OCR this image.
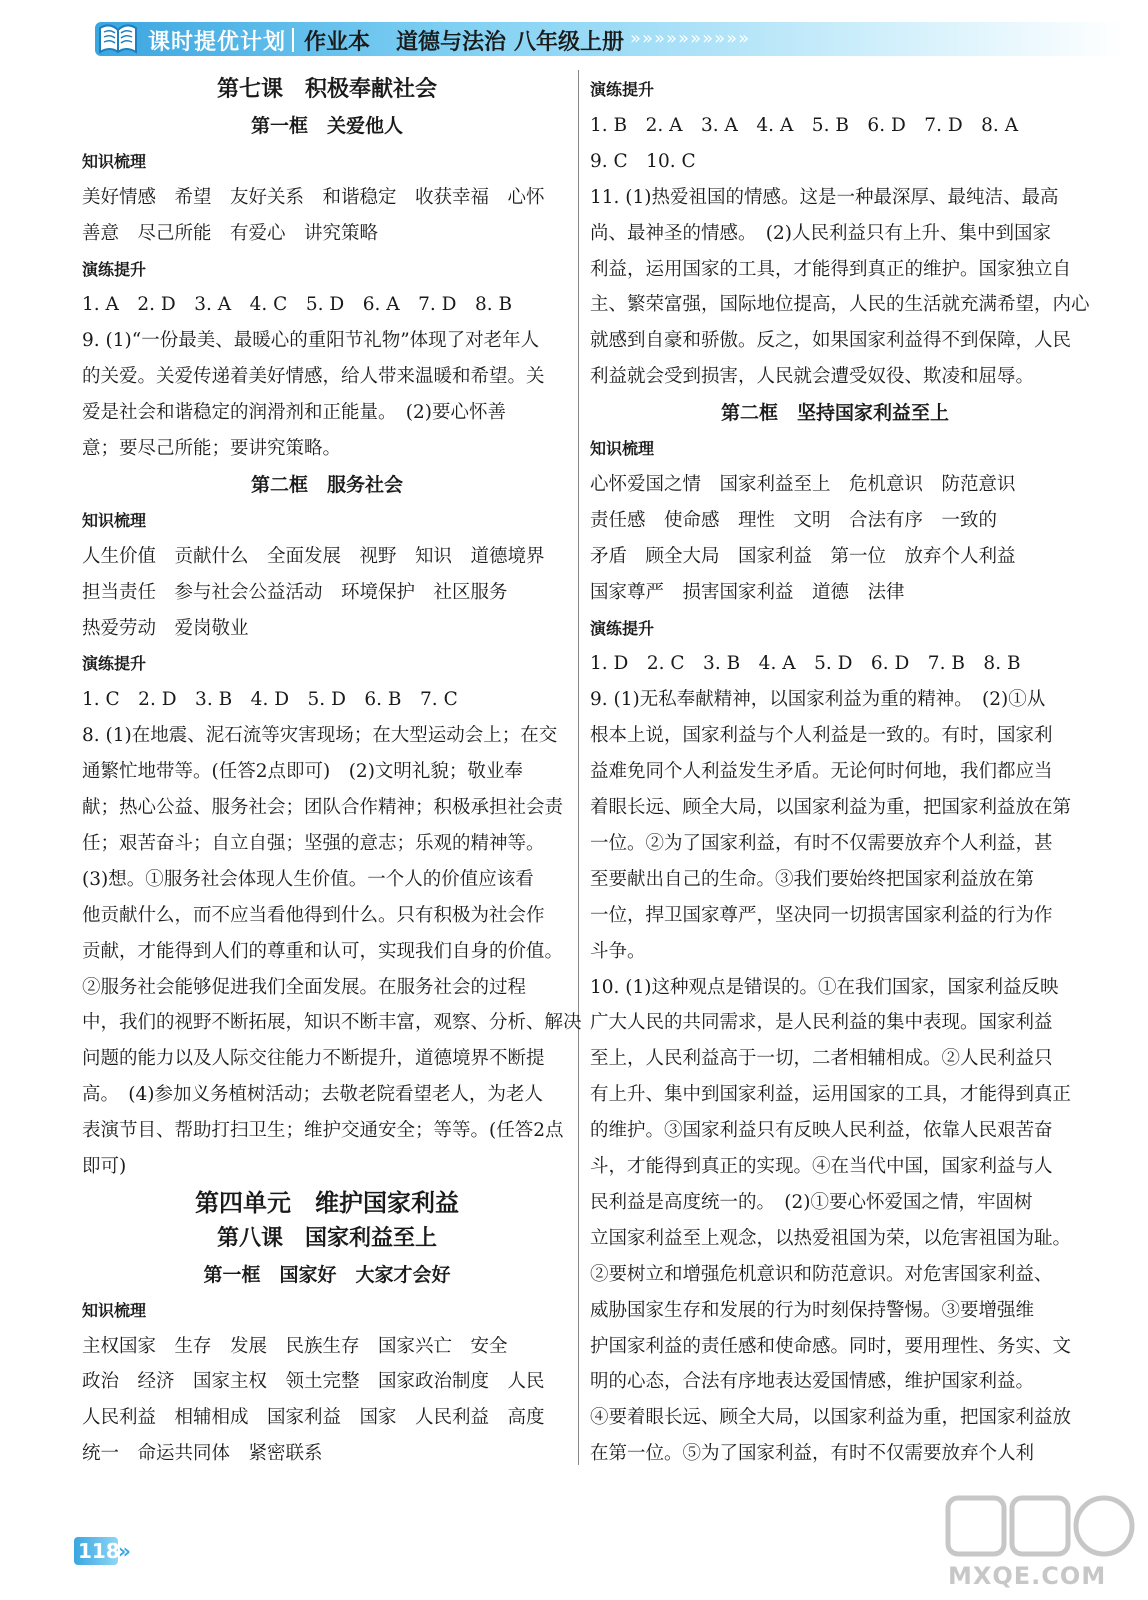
课时提优计划 作业本 道德与法治 八年级上册 »»»»»»»»»»
第七课　积极奉献社会
第一框　关爱他人
知识梳理
美好情感　希望　友好关系　和谐稳定　收获幸福　心怀
善意　尽己所能　有爱心　讲究策略
演练提升
1. A　2. D　3. A　4. C　5. D　6. A　7. D　8. B
9. (1)“一份最美、最暖心的重阳节礼物”体现了对老年人
的关爱。关爱传递着美好情感，给人带来温暖和希望。关
爱是社会和谐稳定的润滑剂和正能量。　(2)要心怀善
意；要尽己所能；要讲究策略。
第二框　服务社会
知识梳理
人生价值　贡献什么　全面发展　视野　知识　道德境界
担当责任　参与社会公益活动　环境保护　社区服务
热爱劳动　爱岗敬业
演练提升
1. C　2. D　3. B　4. D　5. D　6. B　7. C
8. (1)在地震、泥石流等灾害现场；在大型运动会上；在交
通繁忙地带等。(任答2点即可)　(2)文明礼貌；敬业奉
献；热心公益、服务社会；团队合作精神；积极承担社会责
任；艰苦奋斗；自立自强；坚强的意志；乐观的精神等。
(3)想。①服务社会体现人生价值。一个人的价值应该看
他贡献什么，而不应当看他得到什么。只有积极为社会作
贡献，才能得到人们的尊重和认可，实现我们自身的价值。
②服务社会能够促进我们全面发展。在服务社会的过程
中，我们的视野不断拓展，知识不断丰富，观察、分析、解决
问题的能力以及人际交往能力不断提升，道德境界不断提
高。　(4)参加义务植树活动；去敬老院看望老人，为老人
表演节目、帮助打扫卫生；维护交通安全；等等。(任答2点
即可)
第四单元　维护国家利益
第八课　国家利益至上
第一框　国家好　大家才会好
知识梳理
主权国家　生存　发展　民族生存　国家兴亡　安全
政治　经济　国家主权　领土完整　国家政治制度　人民
人民利益　相辅相成　国家利益　国家　人民利益　高度
统一　命运共同体　紧密联系
演练提升
1. B　2. A　3. A　4. A　5. B　6. D　7. D　8. A
9. C　10. C
11. (1)热爱祖国的情感。这是一种最深厚、最纯洁、最高
尚、最神圣的情感。　(2)人民利益只有上升、集中到国家
利益，运用国家的工具，才能得到真正的维护。国家独立自
主、繁荣富强，国际地位提高，人民的生活就充满希望，内心
就感到自豪和骄傲。反之，如果国家利益得不到保障，人民
利益就会受到损害，人民就会遭受奴役、欺凌和屈辱。
第二框　坚持国家利益至上
知识梳理
心怀爱国之情　国家利益至上　危机意识　防范意识
责任感　使命感　理性　文明　合法有序　一致的
矛盾　顾全大局　国家利益　第一位　放弃个人利益
国家尊严　损害国家利益　道德　法律
演练提升
1. D　2. C　3. B　4. A　5. D　6. D　7. B　8. B
9. (1)无私奉献精神，以国家利益为重的精神。　(2)①从
根本上说，国家利益与个人利益是一致的。有时，国家利
益难免同个人利益发生矛盾。无论何时何地，我们都应当
着眼长远、顾全大局，以国家利益为重，把国家利益放在第
一位。②为了国家利益，有时不仅需要放弃个人利益，甚
至要献出自己的生命。③我们要始终把国家利益放在第
一位，捍卫国家尊严，坚决同一切损害国家利益的行为作
斗争。
10. (1)这种观点是错误的。①在我们国家，国家利益反映
广大人民的共同需求，是人民利益的集中表现。国家利益
至上，人民利益高于一切，二者相辅相成。②人民利益只
有上升、集中到国家利益，运用国家的工具，才能得到真正
的维护。③国家利益只有反映人民利益，依靠人民艰苦奋
斗，才能得到真正的实现。④在当代中国，国家利益与人
民利益是高度统一的。　(2)①要心怀爱国之情，牢固树
立国家利益至上观念，以热爱祖国为荣，以危害祖国为耻。
②要树立和增强危机意识和防范意识。对危害国家利益、
威胁国家生存和发展的行为时刻保持警惕。③要增强维
护国家利益的责任感和使命感。同时，要用理性、务实、文
明的心态，合法有序地表达爱国情感，维护国家利益。
④要着眼长远、顾全大局，以国家利益为重，把国家利益放
在第一位。⑤为了国家利益，有时不仅需要放弃个人利
118
»
MXQE.COM
